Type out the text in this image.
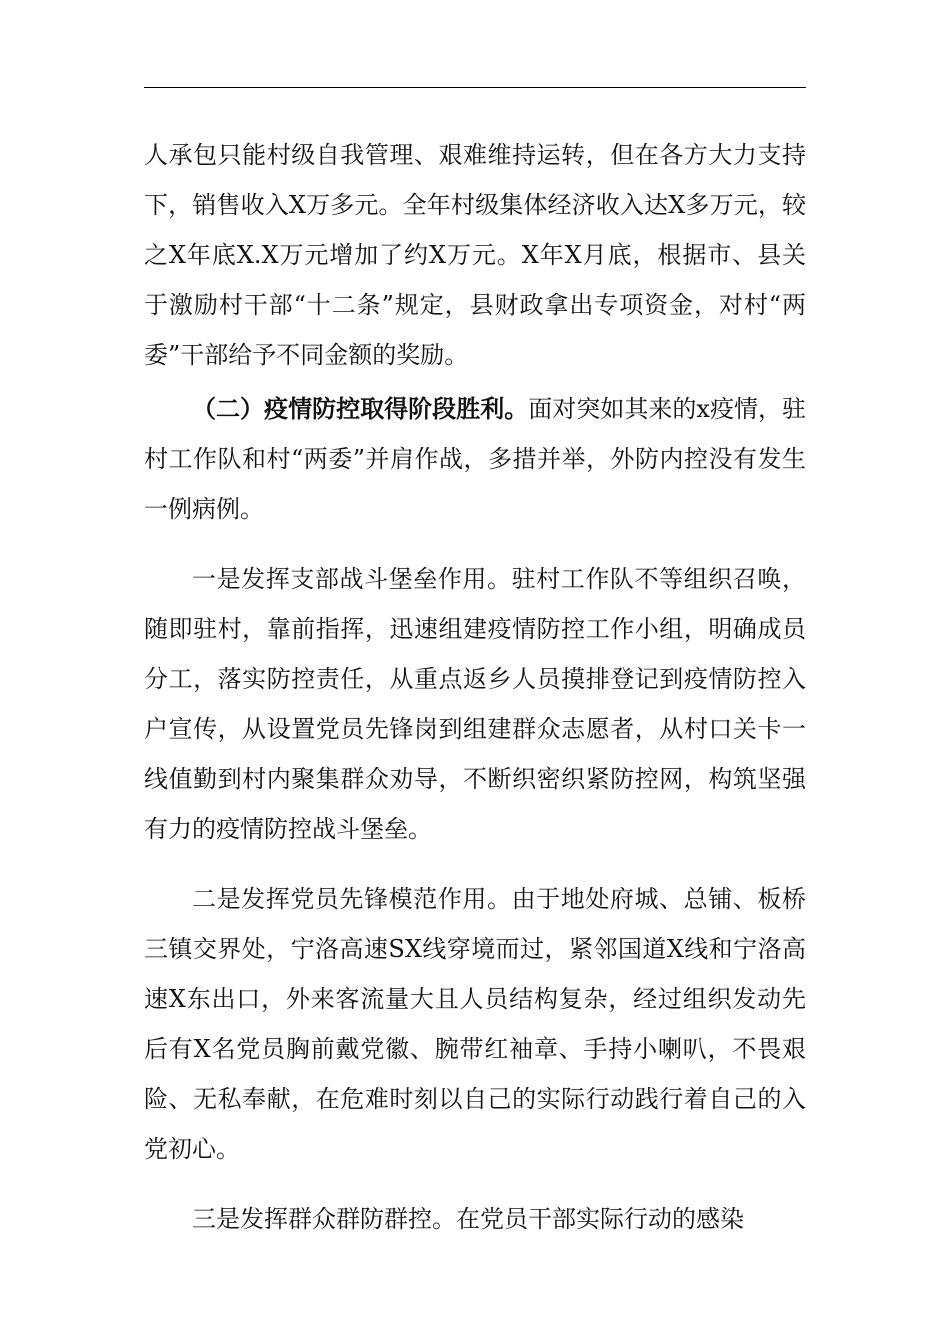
人承包只能村级自我管理、艰难维持运转，但在各方大力支持下，销售收入X万多元。全年村级集体经济收入达X多万元，较之X年底X.X万元增加了约X万元。X年X月底，根据市、县关于激励村干部“十二条”规定，县财政拿出专项资金，对村“两委”干部给予不同金额的奖励。

（二）疫情防控取得阶段胜利。面对突如其来的x疫情，驻村工作队和村“两委”并肩作战，多措并举，外防内控没有发生一例病例。

一是发挥支部战斗堡垒作用。驻村工作队不等组织召唤，随即驻村，靠前指挥，迅速组建疫情防控工作小组，明确成员分工，落实防控责任，从重点返乡人员摸排登记到疫情防控入户宣传，从设置党员先锋岗到组建群众志愿者，从村口关卡一线值勤到村内聚集群众劝导，不断织密织紧防控网，构筑坚强有力的疫情防控战斗堡垒。

二是发挥党员先锋模范作用。由于地处府城、总铺、板桥三镇交界处，宁洛高速SX线穿境而过，紧邻国道X线和宁洛高速X东出口，外来客流量大且人员结构复杂，经过组织发动先后有X名党员胸前戴党徽、腕带红袖章、手持小喇叭，不畏艰险、无私奉献，在危难时刻以自己的实际行动践行着自己的入党初心。

三是发挥群众群防群控。在党员干部实际行动的感染
